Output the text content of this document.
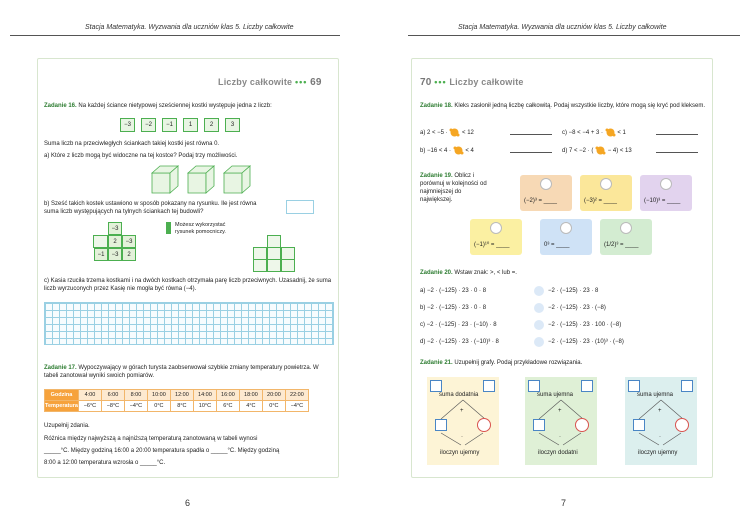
Stacja Matematyka. Wyzwania dla uczniów klas 5. Liczby całkowite
Liczby całkowite ••• 69
Zadanie 16. Na każdej ściance nietypowej sześciennej kostki występuje jedna z liczb:
−3	−2	−1	1	2	3
Suma liczb na przeciwległych ściankach takiej kostki jest równa 0.
a) Które z liczb mogą być widoczne na tej kostce? Podaj trzy możliwości.
b) Sześć takich kostek ustawiono w sposób pokazany na rysunku. Ile jest równa suma liczb występujących na tylnych ściankach tej budowli?
−3
2	−3
−1	−3	2
Możesz wykorzystać rysunek pomocniczy.
c) Kasia rzuciła trzema kostkami i na dwóch kostkach otrzymała parę liczb przeciwnych. Uzasadnij, że suma liczb wyrzuconych przez Kasię nie mogła być równa (−4).
Zadanie 17. Wypoczywający w górach turysta zaobserwował szybkie zmiany temperatury powietrza. W tabeli zanotował wyniki swoich pomiarów.
Godzina	4:00	6:00	8:00	10:00	12:00	14:00	16:00	18:00	20:00	22:00
Temperatura	−6°C	−8°C	−4°C	0°C	8°C	10°C	6°C	4°C	0°C	−4°C
Uzupełnij zdania.
Różnica między najwyższą a najniższą temperaturą zanotowaną w tabeli wynosi
_____°C. Między godziną 16:00 a 20:00 temperatura spadła o _____°C. Między godziną
8:00 a 12:00 temperatura wzrosła o _____°C.
6
Stacja Matematyka. Wyzwania dla uczniów klas 5. Liczby całkowite
70 ••• Liczby całkowite
Zadanie 18. Kleks zasłonił jedną liczbę całkowitą. Podaj wszystkie liczby, które mogą się kryć pod kleksem.
a) 2 < −5 · < 12	c) −8 < −4 + 3 · < 1
b) −16 < 4 · < 4	d) 7 < −2 · ( − 4) < 13
Zadanie 19. Oblicz i porównuj w kolejności od najmniejszej do największej.	(−2)³ = ____	(−3)² = ____	(−10)³ = ____
(−1)¹⁰ = ____	0³ = ____	(1/2)³ = ____
Zadanie 20. Wstaw znak: >, < lub =.
a) −2 · (−125) · 23 · 0 · 8	−2 · (−125) · 23 · 8
b) −2 · (−125) · 23 · 0 · 8	−2 · (−125) · 23 · (−8)
c) −2 · (−125) · 23 · (−10) · 8	−2 · (−125) · 23 · 100 · (−8)
d) −2 · (−125) · 23 · (−10)³ · 8	−2 · (−125) · 23 · (10)³ · (−8)
Zadanie 21. Uzupełnij grafy. Podaj przykładowe rozwiązania.
suma dodatnia
+
·
iloczyn ujemny
suma ujemna
+
·
iloczyn dodatni
suma ujemna
+
·
iloczyn ujemny
7
